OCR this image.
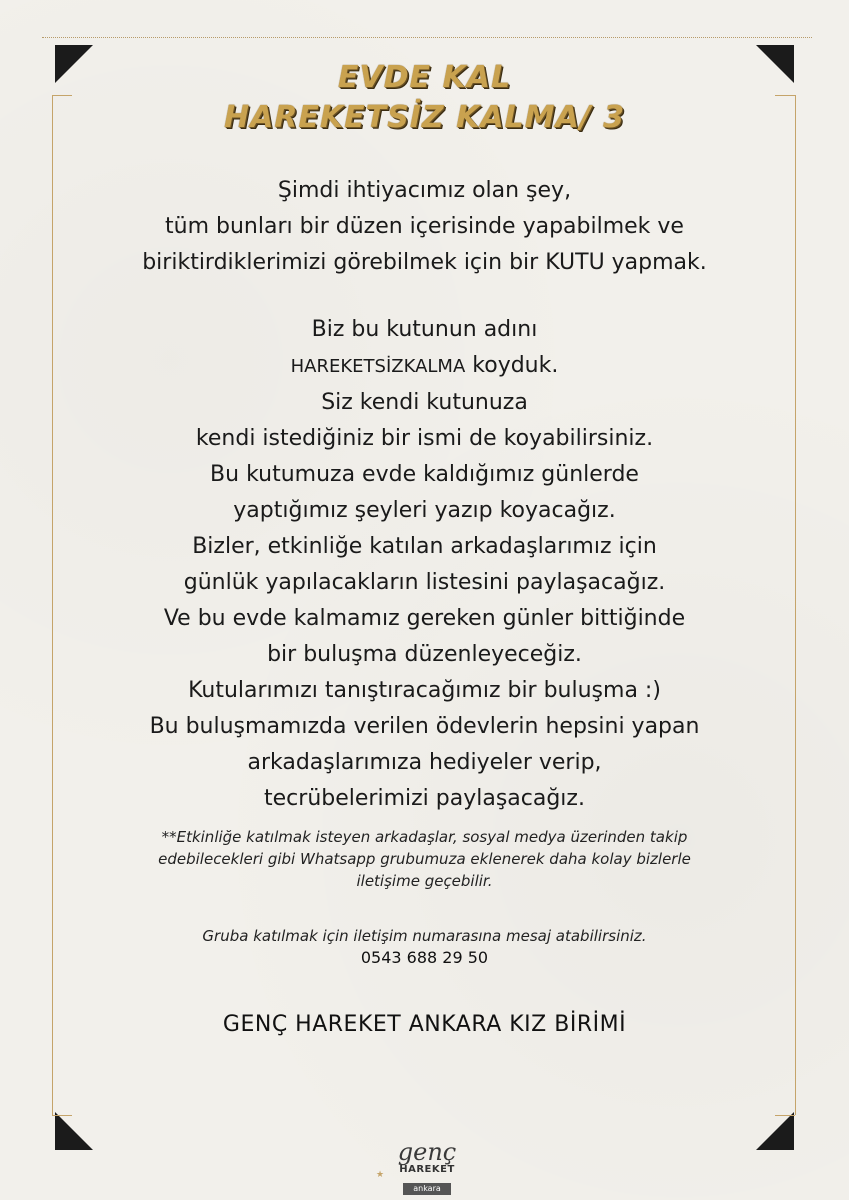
EVDE KAL
HAREKETSİZ KALMA/ 3
Şimdi ihtiyacımız olan şey,
tüm bunları bir düzen içerisinde yapabilmek ve
biriktirdiklerimizi görebilmek için bir KUTU yapmak.
Biz bu kutunun adını
HAREKETSİZKALMA koyduk.
Siz kendi kutunuza
kendi istediğiniz bir ismi de koyabilirsiniz.
Bu kutumuza evde kaldığımız günlerde
yaptığımız şeyleri yazıp koyacağız.
Bizler, etkinliğe katılan arkadaşlarımız için
günlük yapılacakların listesini paylaşacağız.
Ve bu evde kalmamız gereken günler bittiğinde
bir buluşma düzenleyeceğiz.
Kutularımızı tanıştıracağımız bir buluşma :)
Bu buluşmamızda verilen ödevlerin hepsini yapan
arkadaşlarımıza hediyeler verip,
tecrübelerimizi paylaşacağız.
**Etkinliğe katılmak isteyen arkadaşlar, sosyal medya üzerinden takip
edebilecekleri gibi Whatsapp grubumuza eklenerek daha kolay bizlerle
iletişime geçebilir.
Gruba katılmak için iletişim numarasına mesaj atabilirsiniz.
0543 688 29 50
GENÇ HAREKET ANKARA KIZ BİRİMİ
★
genç
HAREKET
ankara
